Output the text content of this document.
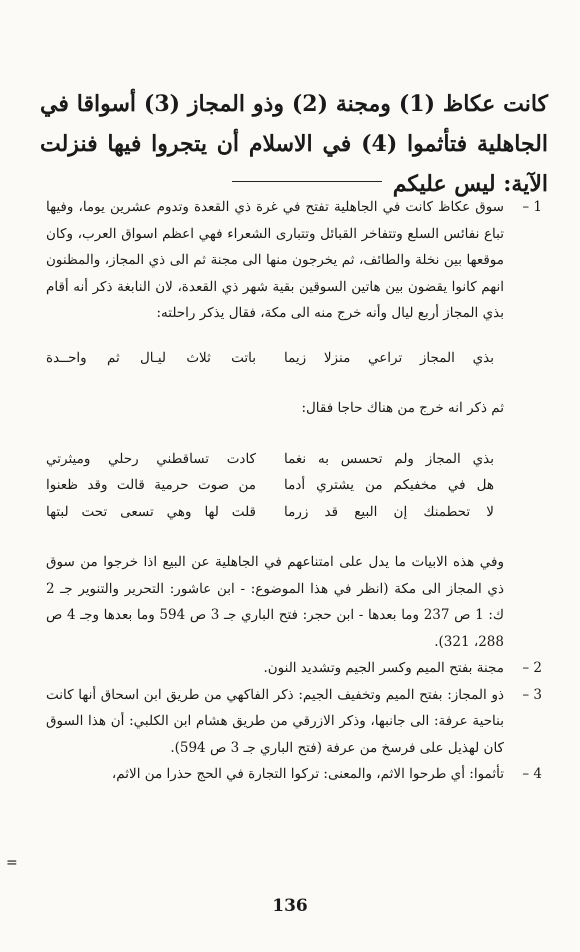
كانت عكاظ (1) ومجنة (2) وذو المجاز (3) أسواقا في الجاهلية فتأثموا (4) في الاسلام أن يتجروا فيها فنزلت الآية: ليس عليكم
1 –
سوق عكاظ كانت في الجاهلية تفتح في غرة ذي القعدة وتدوم عشرين يوما، وفيها تباع نفائس السلع وتتفاخر القبائل وتتبارى الشعراء فهي اعظم اسواق العرب، وكان موقعها بين نخلة والطائف، ثم يخرجون منها الى مجنة ثم الى ذي المجاز، والمظنون انهم كانوا يقضون بين هاتين السوقين بقية شهر ذي القعدة، لان النابغة ذكر أنه أقام بذي المجاز أربع ليال وأنه خرج منه الى مكة، فقال يذكر راحلته:
باتت ثلاث ليـال ثم واحــدة بذي المجاز تراعي منزلا زيما
ثم ذكر انه خرج من هناك حاجا فقال:
كادت تساقطني رحلي وميثرتي بذي المجاز ولم تحسس به نغما
من صوت حرمية قالت وقد ظعنوا هل في مخفيكم من يشتري أدما
قلت لها وهي تسعى تحت لبتها لا تحطمنك إن البيع قد زرما
وفي هذه الابيات ما يدل على امتناعهم في الجاهلية عن البيع اذا خرجوا من سوق ذي المجاز الى مكة (انظر في هذا الموضوع: - ابن عاشور: التحرير والتنوير جـ 2 ك: 1 ص 237 وما بعدها - ابن حجر: فتح الباري جـ 3 ص 594 وما بعدها وجـ 4 ص 288، 321).
2 –
مجنة بفتح الميم وكسر الجيم وتشديد النون.
3 –
ذو المجاز: بفتح الميم وتخفيف الجيم: ذكر الفاكهي من طريق ابن اسحاق أنها كانت بناحية عرفة: الى جانبها، وذكر الازرقي من طريق هشام ابن الكلبي: أن هذا السوق كان لهذيل على فرسخ من عرفة (فتح الباري جـ 3 ص 594).
4 –
تأثموا: أي طرحوا الاثم، والمعنى: تركوا التجارة في الحج حذرا من الاثم،
=
136
